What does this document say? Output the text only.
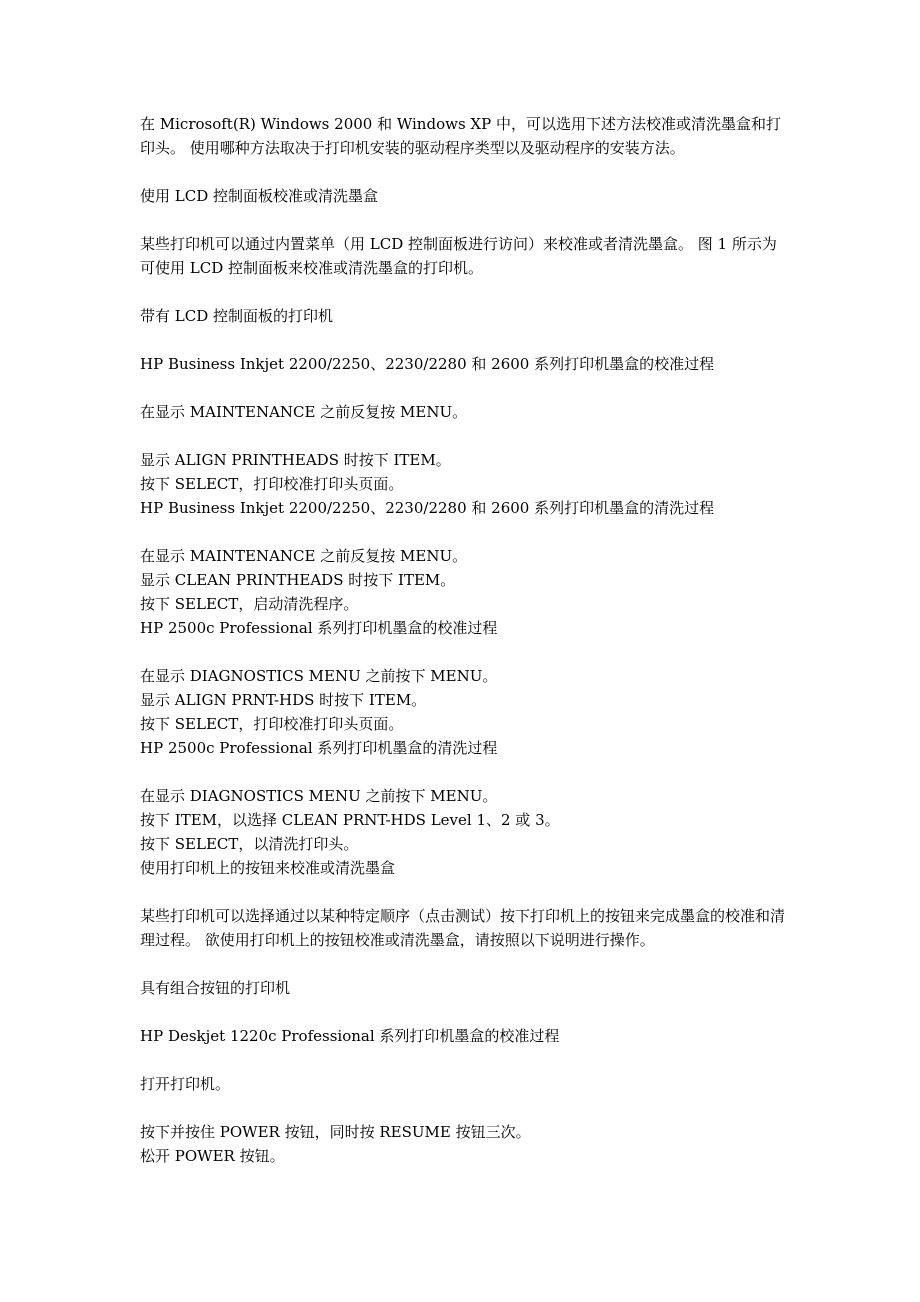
在 Microsoft(R) Windows 2000 和 Windows XP 中，可以选用下述方法校准或清洗墨盒和打印头。 使用哪种方法取决于打印机安装的驱动程序类型以及驱动程序的安装方法。

使用 LCD 控制面板校准或清洗墨盒

某些打印机可以通过内置菜单（用 LCD 控制面板进行访问）来校准或者清洗墨盒。 图 1 所示为可使用 LCD 控制面板来校准或清洗墨盒的打印机。

带有 LCD 控制面板的打印机

HP Business Inkjet 2200/2250、2230/2280 和 2600 系列打印机墨盒的校准过程

在显示 MAINTENANCE 之前反复按 MENU。

显示 ALIGN PRINTHEADS 时按下 ITEM。

按下 SELECT，打印校准打印头页面。

HP Business Inkjet 2200/2250、2230/2280 和 2600 系列打印机墨盒的清洗过程

在显示 MAINTENANCE 之前反复按 MENU。

显示 CLEAN PRINTHEADS 时按下 ITEM。

按下 SELECT，启动清洗程序。

HP 2500c Professional 系列打印机墨盒的校准过程

在显示 DIAGNOSTICS MENU 之前按下 MENU。

显示 ALIGN PRNT-HDS 时按下 ITEM。

按下 SELECT，打印校准打印头页面。

HP 2500c Professional 系列打印机墨盒的清洗过程

在显示 DIAGNOSTICS MENU 之前按下 MENU。

按下 ITEM，以选择 CLEAN PRNT-HDS Level 1、2 或 3。

按下 SELECT，以清洗打印头。

使用打印机上的按钮来校准或清洗墨盒

某些打印机可以选择通过以某种特定顺序（点击测试）按下打印机上的按钮来完成墨盒的校准和清理过程。 欲使用打印机上的按钮校准或清洗墨盒，请按照以下说明进行操作。

具有组合按钮的打印机

HP Deskjet 1220c Professional 系列打印机墨盒的校准过程

打开打印机。

按下并按住 POWER 按钮，同时按 RESUME 按钮三次。

松开 POWER 按钮。
